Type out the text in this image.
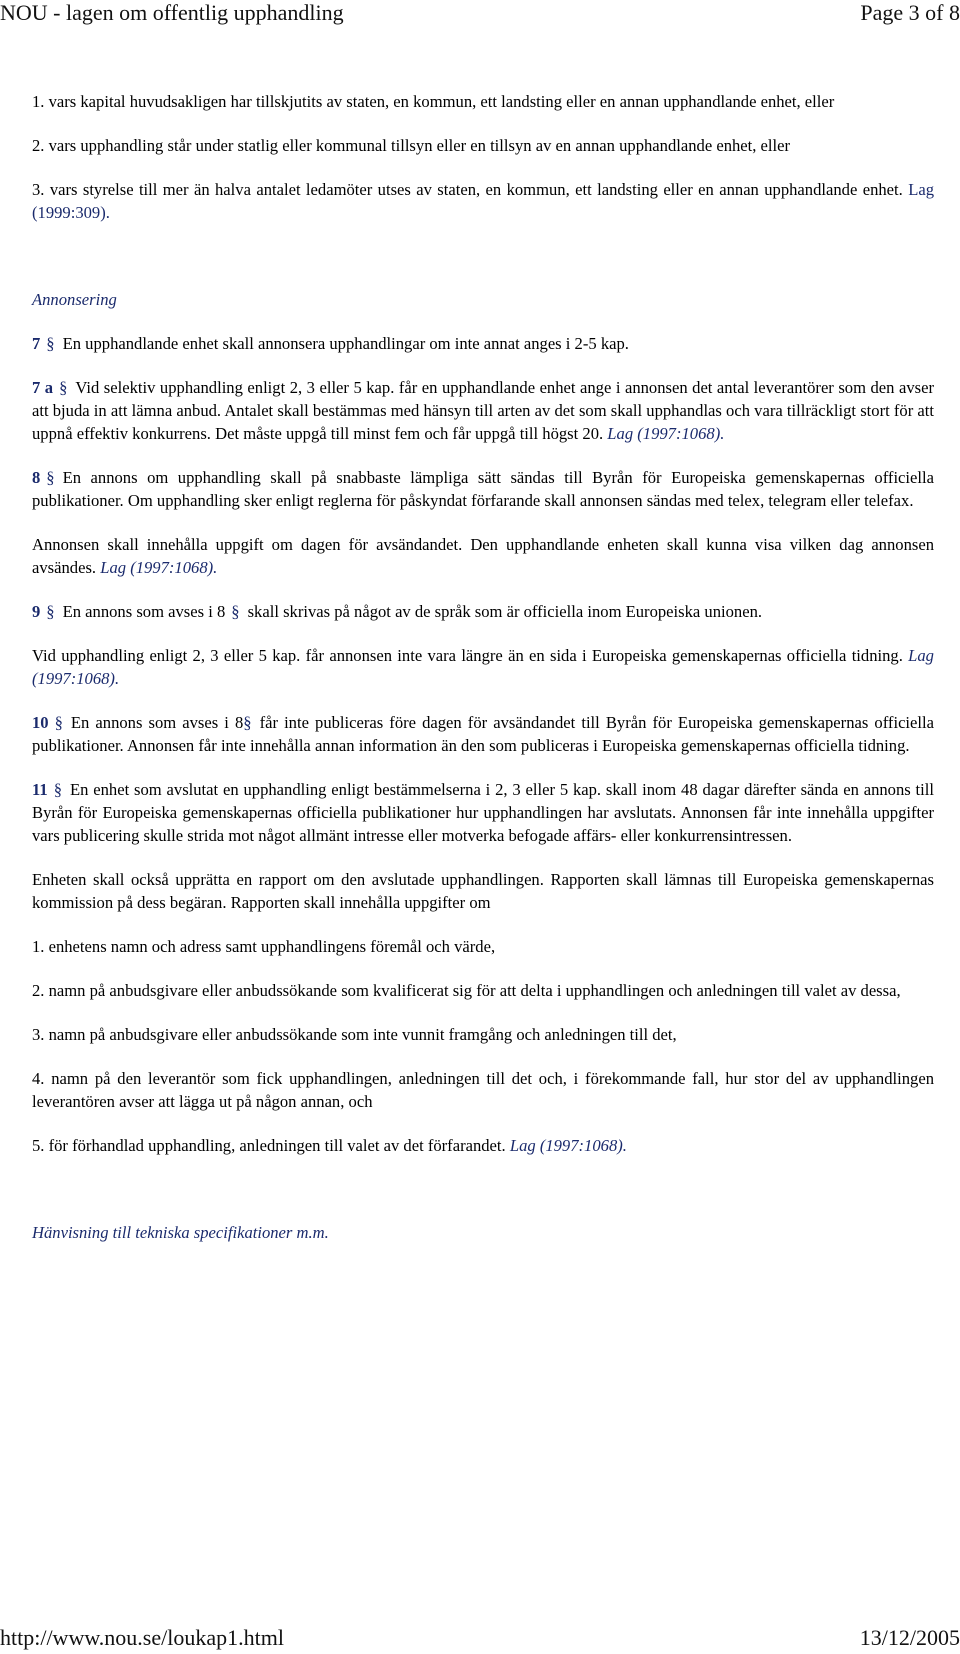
NOU - lagen om offentlig upphandling	Page 3 of 8

1. vars kapital huvudsakligen har tillskjutits av staten, en kommun, ett landsting eller en annan upphandlande enhet, eller

2. vars upphandling står under statlig eller kommunal tillsyn eller en tillsyn av en annan upphandlande enhet, eller

3. vars styrelse till mer än halva antalet ledamöter utses av staten, en kommun, ett landsting eller en annan upphandlande enhet. Lag (1999:309).

Annonsering

7 § En upphandlande enhet skall annonsera upphandlingar om inte annat anges i 2-5 kap.

7 a § Vid selektiv upphandling enligt 2, 3 eller 5 kap. får en upphandlande enhet ange i annonsen det antal leverantörer som den avser att bjuda in att lämna anbud. Antalet skall bestämmas med hänsyn till arten av det som skall upphandlas och vara tillräckligt stort för att uppnå effektiv konkurrens. Det måste uppgå till minst fem och får uppgå till högst 20. Lag (1997:1068).

8 § En annons om upphandling skall på snabbaste lämpliga sätt sändas till Byrån för Europeiska gemenskapernas officiella publikationer. Om upphandling sker enligt reglerna för påskyndat förfarande skall annonsen sändas med telex, telegram eller telefax.

Annonsen skall innehålla uppgift om dagen för avsändandet. Den upphandlande enheten skall kunna visa vilken dag annonsen avsändes. Lag (1997:1068).

9 § En annons som avses i 8 § skall skrivas på något av de språk som är officiella inom Europeiska unionen.

Vid upphandling enligt 2, 3 eller 5 kap. får annonsen inte vara längre än en sida i Europeiska gemenskapernas officiella tidning. Lag (1997:1068).

10 § En annons som avses i 8§ får inte publiceras före dagen för avsändandet till Byrån för Europeiska gemenskapernas officiella publikationer. Annonsen får inte innehålla annan information än den som publiceras i Europeiska gemenskapernas officiella tidning.

11 § En enhet som avslutat en upphandling enligt bestämmelserna i 2, 3 eller 5 kap. skall inom 48 dagar därefter sända en annons till Byrån för Europeiska gemenskapernas officiella publikationer hur upphandlingen har avslutats. Annonsen får inte innehålla uppgifter vars publicering skulle strida mot något allmänt intresse eller motverka befogade affärs- eller konkurrensintressen.

Enheten skall också upprätta en rapport om den avslutade upphandlingen. Rapporten skall lämnas till Europeiska gemenskapernas kommission på dess begäran. Rapporten skall innehålla uppgifter om

1. enhetens namn och adress samt upphandlingens föremål och värde,

2. namn på anbudsgivare eller anbudssökande som kvalificerat sig för att delta i upphandlingen och anledningen till valet av dessa,

3. namn på anbudsgivare eller anbudssökande som inte vunnit framgång och anledningen till det,

4. namn på den leverantör som fick upphandlingen, anledningen till det och, i förekommande fall, hur stor del av upphandlingen leverantören avser att lägga ut på någon annan, och

5. för förhandlad upphandling, anledningen till valet av det förfarandet. Lag (1997:1068).

Hänvisning till tekniska specifikationer m.m.

http://www.nou.se/loukap1.html	13/12/2005
